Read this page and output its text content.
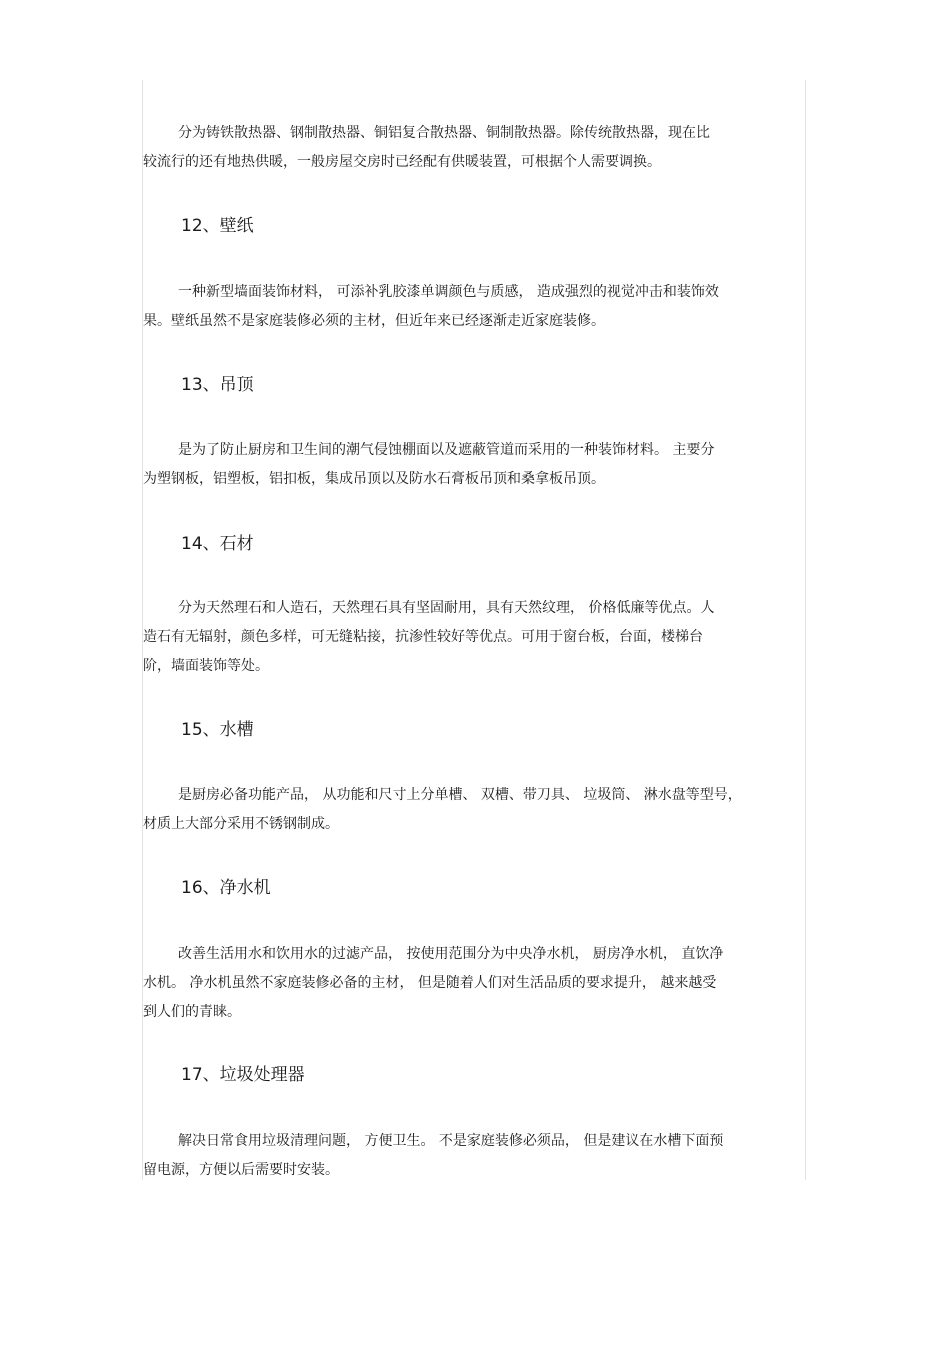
分为铸铁散热器、钢制散热器、铜铝复合散热器、铜制散热器。除传统散热器，现在比
较流行的还有地热供暖，一般房屋交房时已经配有供暖装置，可根据个人需要调换。
12、壁纸
一种新型墙面装饰材料， 可添补乳胶漆单调颜色与质感， 造成强烈的视觉冲击和装饰效
果。壁纸虽然不是家庭装修必须的主材，但近年来已经逐渐走近家庭装修。
13、吊顶
是为了防止厨房和卫生间的潮气侵蚀棚面以及遮蔽管道而采用的一种装饰材料。 主要分
为塑钢板，铝塑板，铝扣板，集成吊顶以及防水石膏板吊顶和桑拿板吊顶。
14、石材
分为天然理石和人造石，天然理石具有坚固耐用，具有天然纹理， 价格低廉等优点。人
造石有无辐射，颜色多样，可无缝粘接，抗渗性较好等优点。可用于窗台板，台面，楼梯台
阶，墙面装饰等处。
15、水槽
是厨房必备功能产品， 从功能和尺寸上分单槽、 双槽、带刀具、 垃圾筒、 淋水盘等型号，
材质上大部分采用不锈钢制成。
16、净水机
改善生活用水和饮用水的过滤产品， 按使用范围分为中央净水机， 厨房净水机， 直饮净
水机。 净水机虽然不家庭装修必备的主材， 但是随着人们对生活品质的要求提升， 越来越受
到人们的青睐。
17、垃圾处理器
解决日常食用垃圾清理问题， 方便卫生。 不是家庭装修必须品， 但是建议在水槽下面预
留电源，方便以后需要时安装。
